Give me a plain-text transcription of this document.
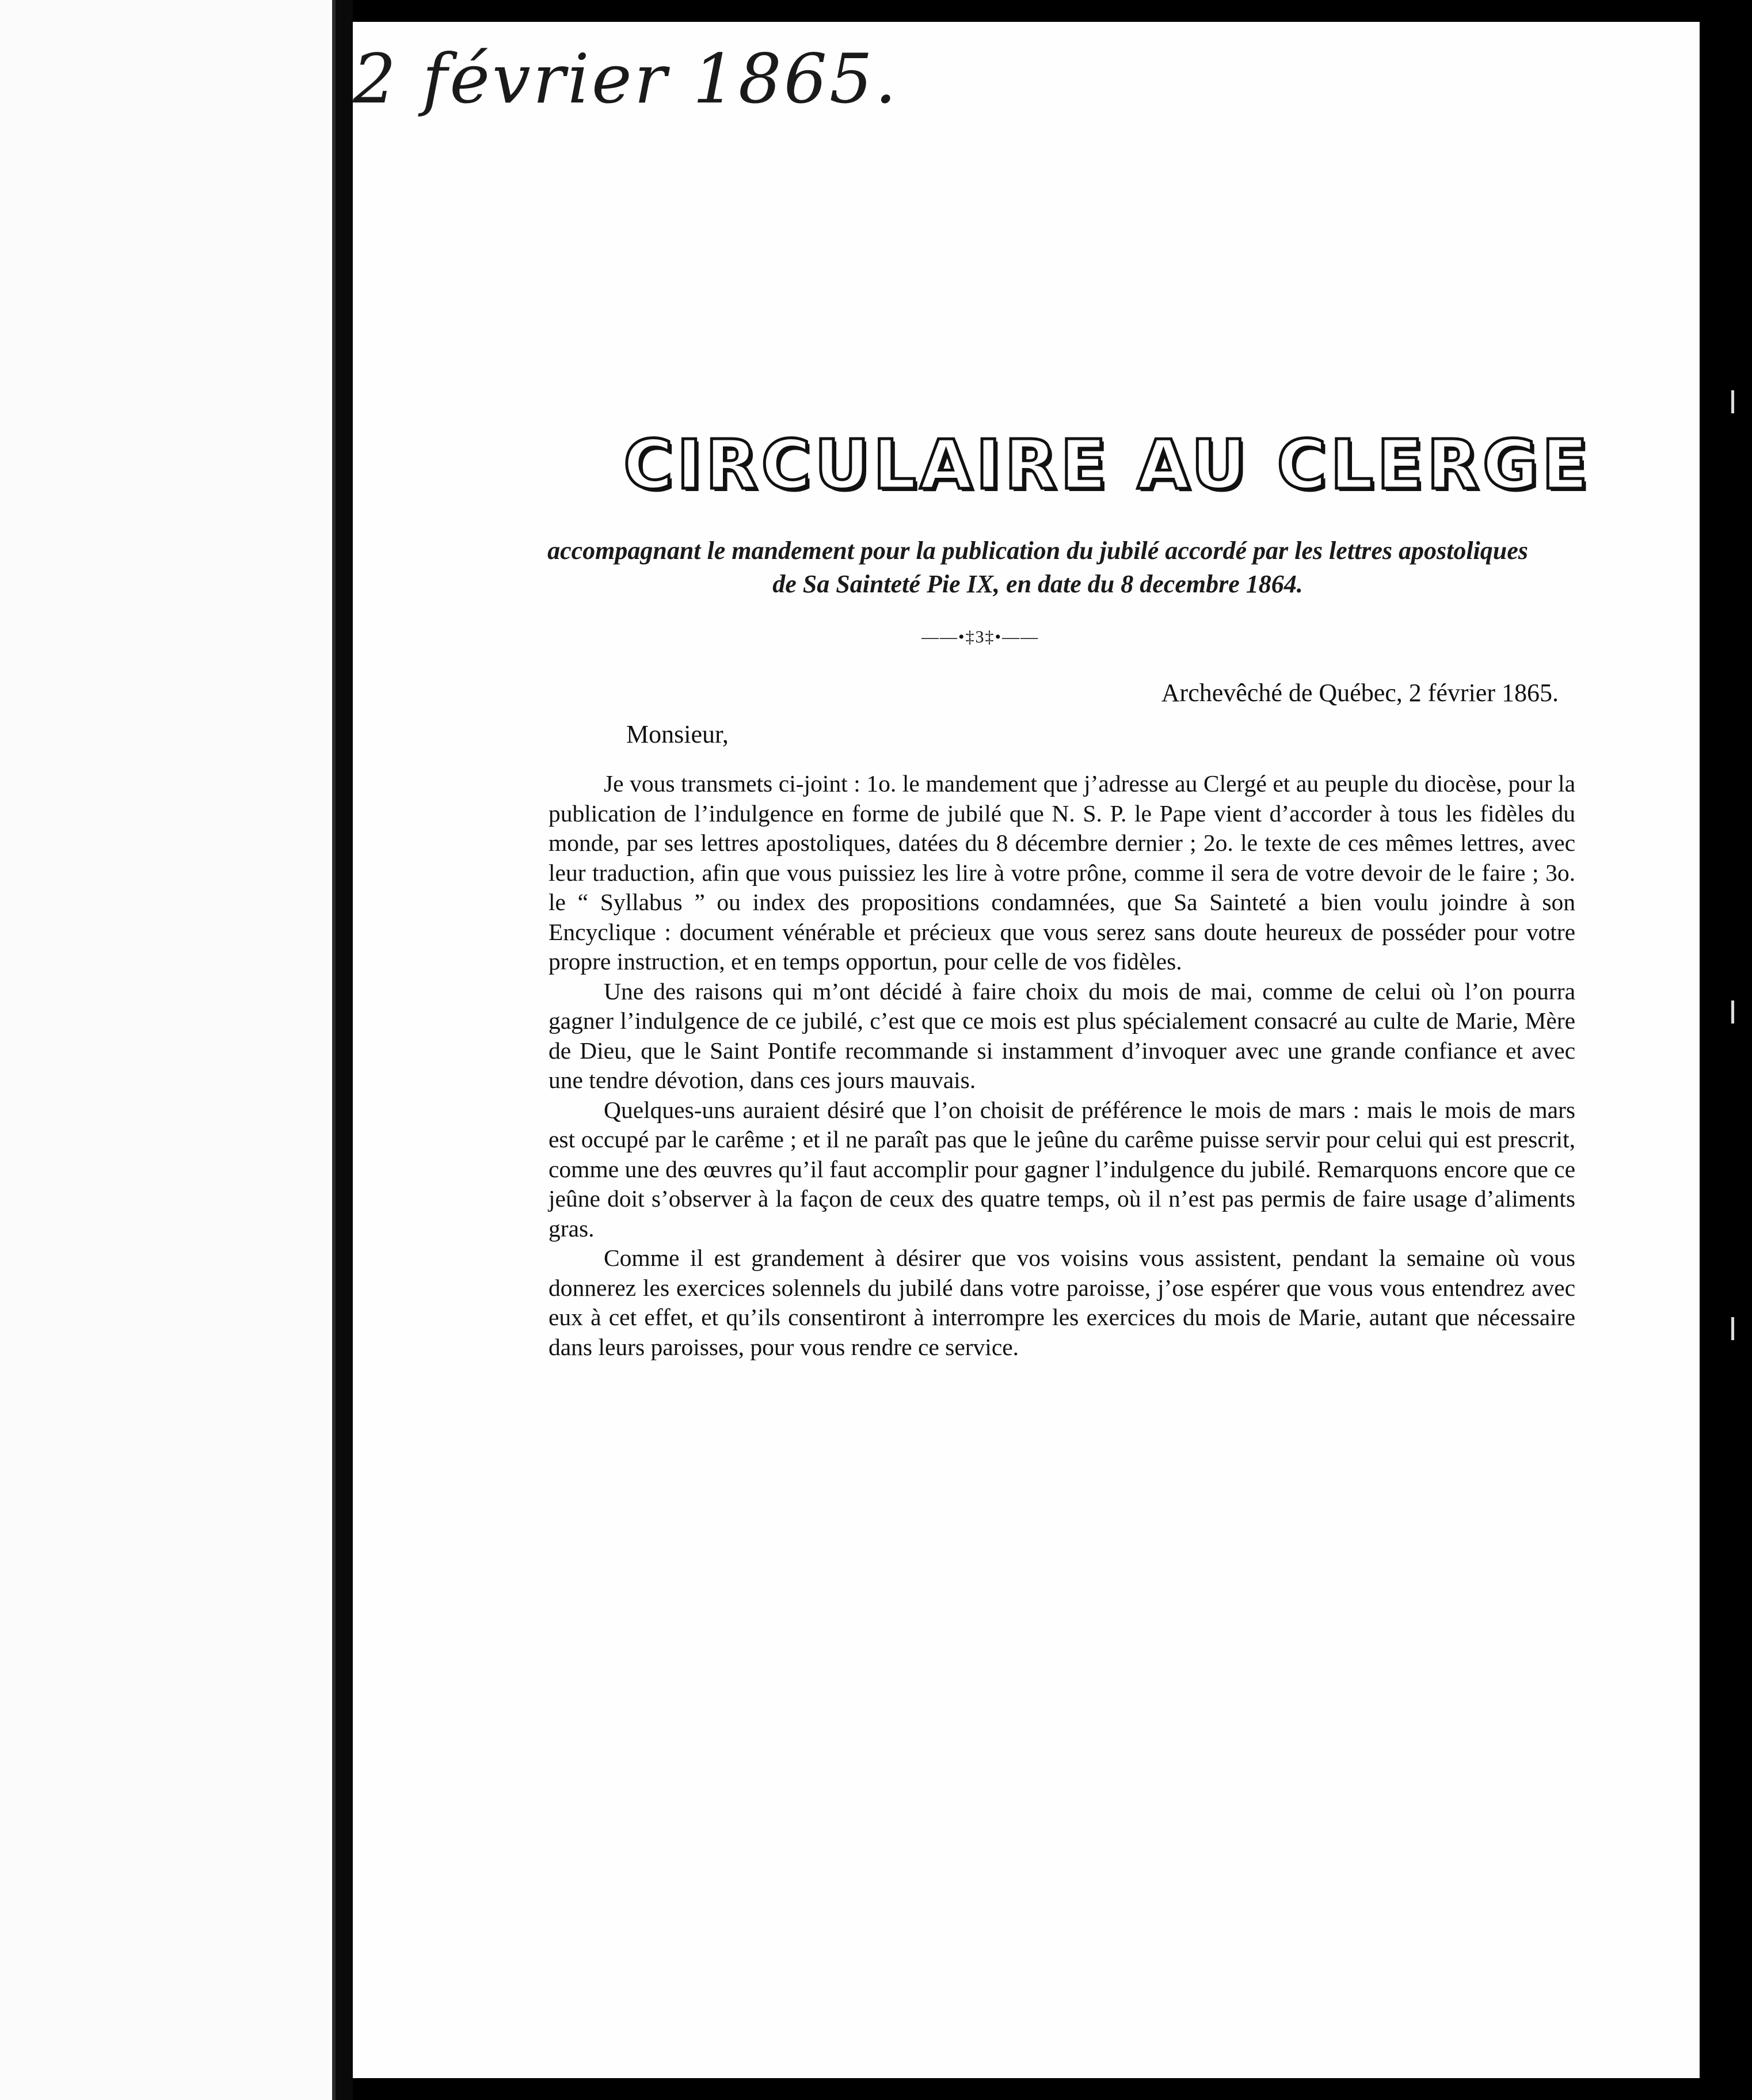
2 février 1865.
CIRCULAIRE AU CLERGE
accompagnant le mandement pour la publication du jubilé accordé par les lettres apostoliques de Sa Sainteté Pie IX, en date du 8 decembre 1864.
——•‡3‡•——
Archevêché de Québec, 2 février 1865.
Monsieur,

Je vous transmets ci-joint : 1o. le mandement que j’adresse au Clergé et au peuple du diocèse, pour la publication de l’indulgence en forme de jubilé que N. S. P. le Pape vient d’accorder à tous les fidèles du monde, par ses lettres apostoliques, datées du 8 décembre dernier ; 2o. le texte de ces mêmes lettres, avec leur traduction, afin que vous puissiez les lire à votre prône, comme il sera de votre devoir de le faire ; 3o. le “ Syllabus ” ou index des propositions condamnées, que Sa Sainteté a bien voulu joindre à son Encyclique : document vénérable et précieux que vous serez sans doute heureux de posséder pour votre propre instruction, et en temps opportun, pour celle de vos fidèles.

Une des raisons qui m’ont décidé à faire choix du mois de mai, comme de celui où l’on pourra gagner l’indulgence de ce jubilé, c’est que ce mois est plus spécialement consacré au culte de Marie, Mère de Dieu, que le Saint Pontife recommande si instamment d’invoquer avec une grande confiance et avec une tendre dévotion, dans ces jours mauvais.

Quelques-uns auraient désiré que l’on choisit de préférence le mois de mars : mais le mois de mars est occupé par le carême ; et il ne paraît pas que le jeûne du carême puisse servir pour celui qui est prescrit, comme une des œuvres qu’il faut accomplir pour gagner l’indulgence du jubilé. Remarquons encore que ce jeûne doit s’observer à la façon de ceux des quatre temps, où il n’est pas permis de faire usage d’aliments gras.

Comme il est grandement à désirer que vos voisins vous assistent, pendant la semaine où vous donnerez les exercices solennels du jubilé dans votre paroisse, j’ose espérer que vous vous entendrez avec eux à cet effet, et qu’ils consentiront à interrompre les exercices du mois de Marie, autant que nécessaire dans leurs paroisses, pour vous rendre ce service.
